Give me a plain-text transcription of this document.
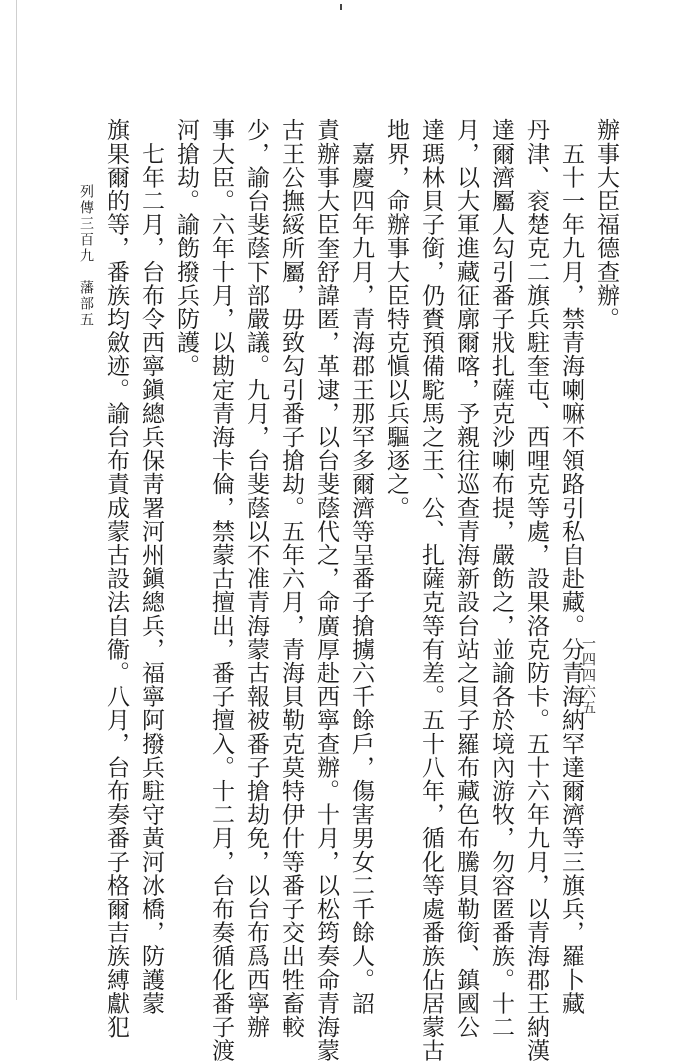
辦事大臣福德查辦。
　五十一年九月，禁青海喇嘛不領路引私自赴藏。分青海納罕達爾濟等三旗兵，羅卜藏
丹津、衮楚克二旗兵駐奎屯、西哩克等處，設果洛克防卡。五十六年九月，以青海郡王納漢
達爾濟屬人勾引番子戕扎薩克沙喇布提，嚴飭之，並諭各於境內游牧，勿容匿番族。十二
月，以大軍進藏征廓爾喀，予親往巡查青海新設台站之貝子羅布藏色布騰貝勒銜、鎮國公
達瑪林貝子銜，仍賚預備駝馬之王、公、扎薩克等有差。五十八年，循化等處番族佔居蒙古
地界，命辦事大臣特克愼以兵驅逐之。
　嘉慶四年九月，青海郡王那罕多爾濟等呈番子搶擄六千餘戶，傷害男女二千餘人。詔
責辦事大臣奎舒諱匿，革逮，以台斐蔭代之，命廣厚赴西寧查辦。十月，以松筠奏命青海蒙
古王公撫綏所屬，毋致勾引番子搶劫。五年六月，青海貝勒克莫特伊什等番子交出牲畜較
少，諭台斐蔭下部嚴議。九月，台斐蔭以不准青海蒙古報被番子搶劫免，以台布爲西寧辦
事大臣。六年十月，以勘定青海卡倫，禁蒙古擅出，番子擅入。十二月，台布奏循化番子渡
河搶劫。諭飭撥兵防護。
　七年二月，台布令西寧鎭總兵保靑署河州鎭總兵，福寧阿撥兵駐守黃河冰橋，防護蒙
旗果爾的等，番族均斂迹。諭台布責成蒙古設法自衞。八月，台布奏番子格爾吉族縛獻犯
列傳三百九　藩部五
一四四六五
